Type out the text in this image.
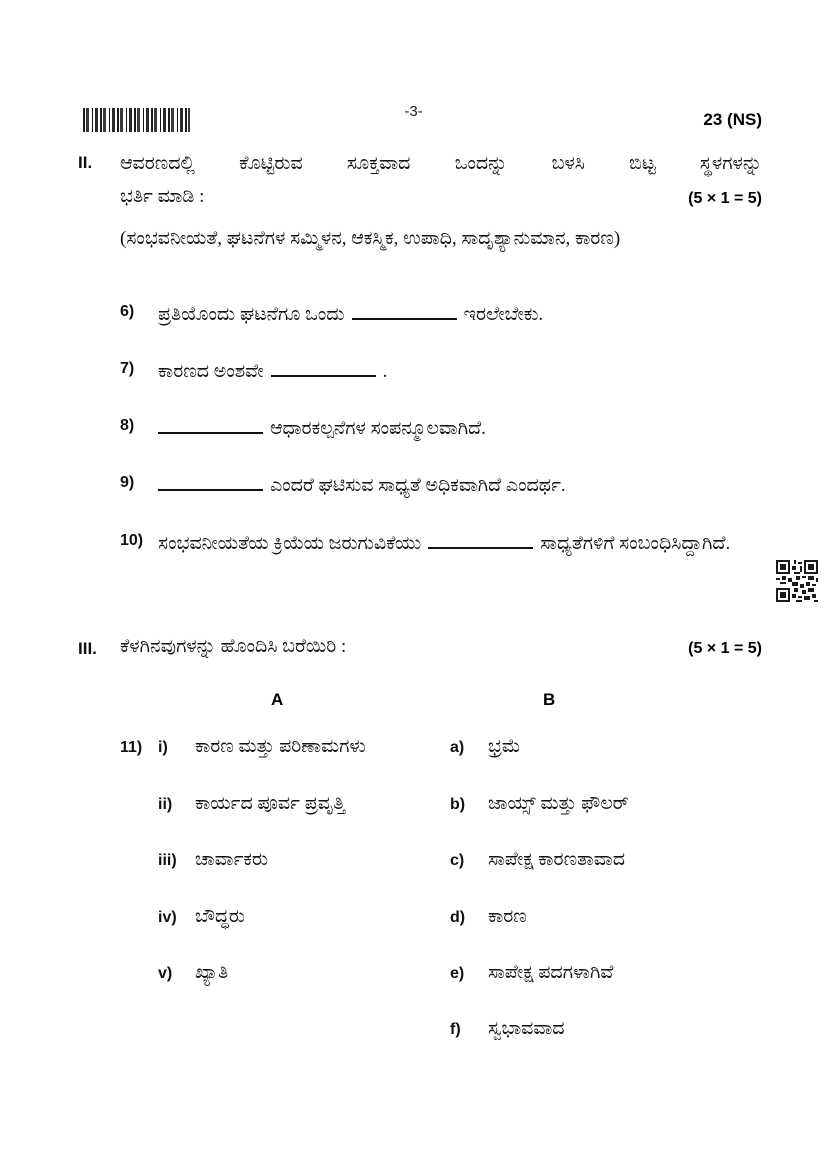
-3-	23 (NS)
II.	ಆವರಣದಲ್ಲಿ ಕೊಟ್ಟಿರುವ ಸೂಕ್ತವಾದ ಒಂದನ್ನು ಬಳಸಿ ಬಿಟ್ಟ ಸ್ಥಳಗಳನ್ನು
ಭರ್ತಿ ಮಾಡಿ :	(5 × 1 = 5)
(ಸಂಭವನೀಯತೆ, ಘಟನೆಗಳ ಸಮ್ಮಿಳನ, ಆಕಸ್ಮಿಕ, ಉಪಾಧಿ, ಸಾದೃಶ್ಯಾನುಮಾನ, ಕಾರಣ)
6)	ಪ್ರತಿಯೊಂದು ಘಟನೆಗೂ ಒಂದು	ಇರಲೇಬೇಕು.
7)	ಕಾರಣದ ಅಂಶವೇ	.
8)	ಆಧಾರಕಲ್ಪನೆಗಳ ಸಂಪನ್ಮೂಲವಾಗಿದೆ.
9)	ಎಂದರೆ ಘಟಿಸುವ ಸಾಧ್ಯತೆ ಅಧಿಕವಾಗಿದೆ ಎಂದರ್ಥ.
10) ಸಂಭವನೀಯತೆಯ ಕ್ರಿಯೆಯ ಜರುಗುವಿಕೆಯು	ಸಾಧ್ಯತೆಗಳಿಗೆ ಸಂಬಂಧಿಸಿದ್ದಾಗಿದೆ.
III.	ಕೆಳಗಿನವುಗಳನ್ನು ಹೊಂದಿಸಿ ಬರೆಯಿರಿ :	(5 × 1 = 5)
A	B
11) i) ಕಾರಣ ಮತ್ತು ಪರಿಣಾಮಗಳು	a) ಭ್ರಮೆ
ii) ಕಾರ್ಯದ ಪೂರ್ವ ಪ್ರವೃತ್ತಿ	b) ಜಾಯ್ಸ್ ಮತ್ತು ಫೌಲರ್
iii) ಚಾರ್ವಾಕರು	c) ಸಾಪೇಕ್ಷ ಕಾರಣತಾವಾದ
iv) ಬೌದ್ಧರು	d) ಕಾರಣ
v) ಖ್ಯಾತಿ	e) ಸಾಪೇಕ್ಷ ಪದಗಳಾಗಿವೆ
f) ಸ್ವಭಾವವಾದ
